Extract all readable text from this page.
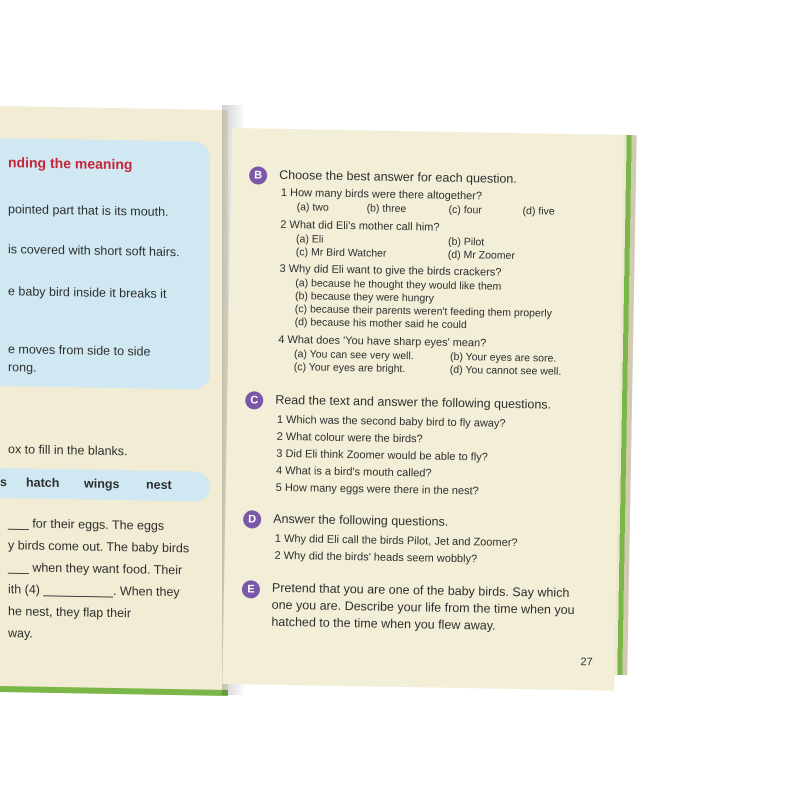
nding the meaning
pointed part that is its mouth.
is covered with short soft hairs.
e baby bird inside it breaks it
e moves from side to side
rong.
ox to fill in the blanks.
s hatch wings nest
___ for their eggs. The eggs
y birds come out. The baby birds
___ when they want food. Their
ith (4) __________. When they
he nest, they flap their
way.
B	Choose the best answer for each question.
1 How many birds were there altogether?
(a) two	(b) three	(c) four	(d) five
2 What did Eli's mother call him?
(a) Eli	(b) Pilot
(c) Mr Bird Watcher	(d) Mr Zoomer
3 Why did Eli want to give the birds crackers?
(a) because he thought they would like them
(b) because they were hungry
(c) because their parents weren't feeding them properly
(d) because his mother said he could
4 What does 'You have sharp eyes' mean?
(a) You can see very well.	(b) Your eyes are sore.
(c) Your eyes are bright.	(d) You cannot see well.
C	Read the text and answer the following questions.
1 Which was the second baby bird to fly away?
2 What colour were the birds?
3 Did Eli think Zoomer would be able to fly?
4 What is a bird's mouth called?
5 How many eggs were there in the nest?
D	Answer the following questions.
1 Why did Eli call the birds Pilot, Jet and Zoomer?
2 Why did the birds' heads seem wobbly?
E	Pretend that you are one of the baby birds. Say which
one you are. Describe your life from the time when you
hatched to the time when you flew away.
27
